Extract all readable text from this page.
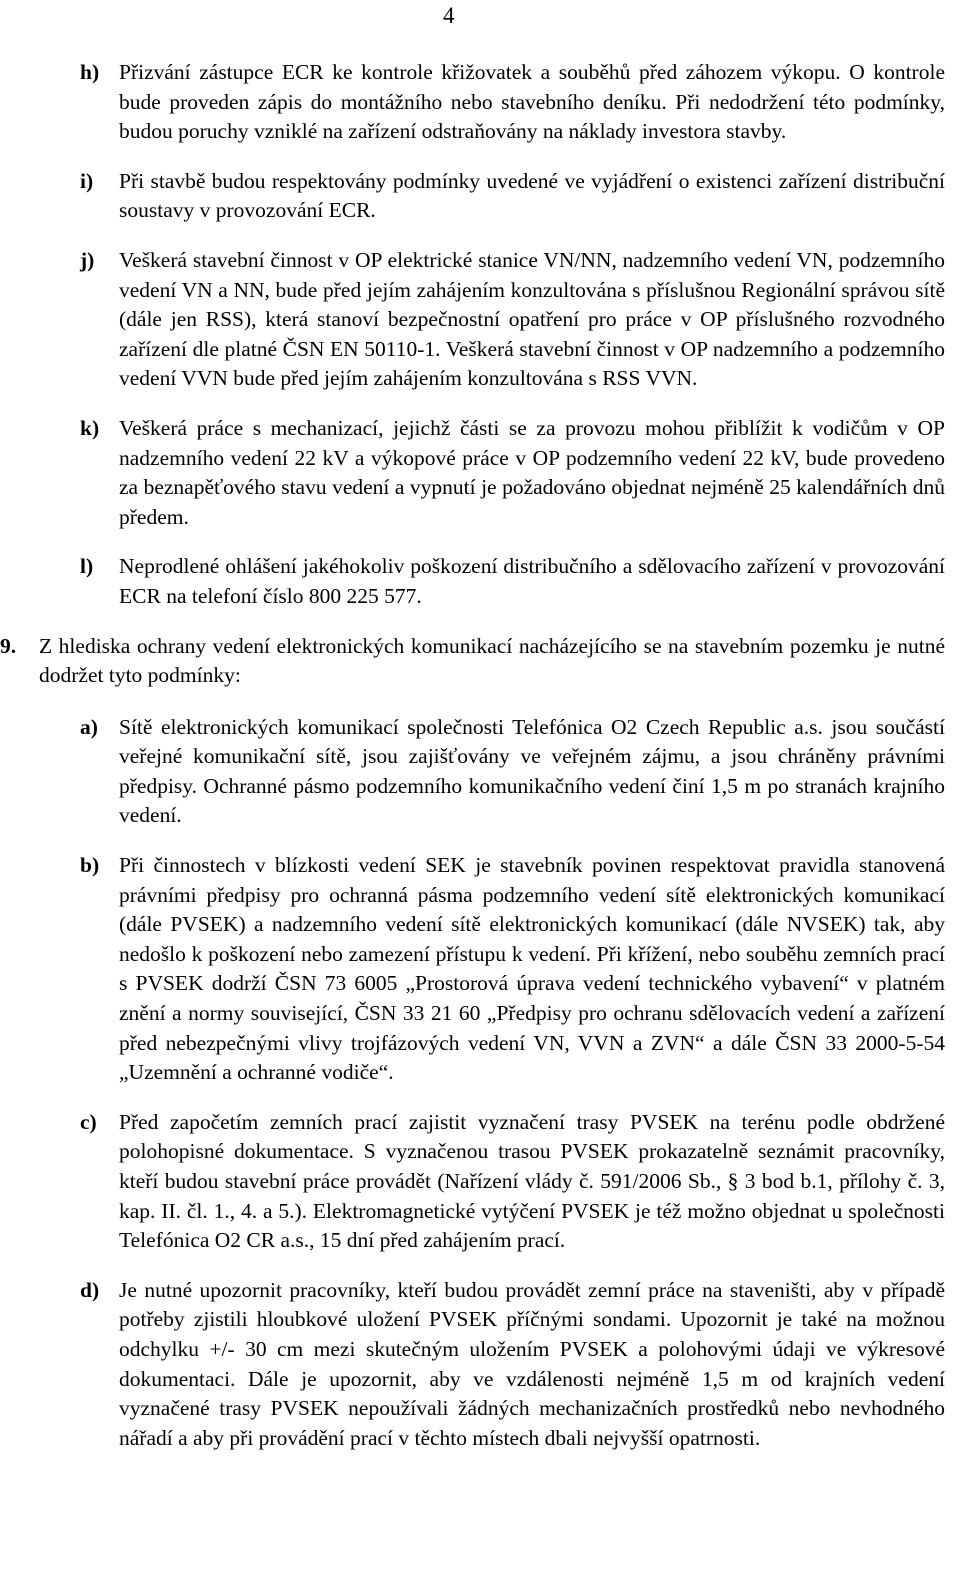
4
h) Přizvání zástupce ECR ke kontrole křižovatek a souběhů před záhozem výkopu. O kontrole bude proveden zápis do montážního nebo stavebního deníku. Při nedodržení této podmínky, budou poruchy vzniklé na zařízení odstraňovány na náklady investora stavby.

i) Při stavbě budou respektovány podmínky uvedené ve vyjádření o existenci zařízení distribuční soustavy v provozování ECR.

j) Veškerá stavební činnost v OP elektrické stanice VN/NN, nadzemního vedení VN, podzemního vedení VN a NN, bude před jejím zahájením konzultována s příslušnou Regionální správou sítě (dále jen RSS), která stanoví bezpečnostní opatření pro práce v OP příslušného rozvodného zařízení dle platné ČSN EN 50110-1. Veškerá stavební činnost v OP nadzemního a podzemního vedení VVN bude před jejím zahájením konzultována s RSS VVN.

k) Veškerá práce s mechanizací, jejichž části se za provozu mohou přiblížit k vodičům v OP nadzemního vedení 22 kV a výkopové práce v OP podzemního vedení 22 kV, bude provedeno za beznapěťového stavu vedení a vypnutí je požadováno objednat nejméně 25 kalendářních dnů předem.

l) Neprodlené ohlášení jakéhokoliv poškození distribučního a sdělovacího zařízení v provozování ECR na telefoní číslo 800 225 577.

9. Z hlediska ochrany vedení elektronických komunikací nacházejícího se na stavebním pozemku je nutné dodržet tyto podmínky:

a) Sítě elektronických komunikací společnosti Telefónica O2 Czech Republic a.s. jsou součástí veřejné komunikační sítě, jsou zajišťovány ve veřejném zájmu, a jsou chráněny právními předpisy. Ochranné pásmo podzemního komunikačního vedení činí 1,5 m po stranách krajního vedení.

b) Při činnostech v blízkosti vedení SEK je stavebník povinen respektovat pravidla stanovená právními předpisy pro ochranná pásma podzemního vedení sítě elektronických komunikací (dále PVSEK) a nadzemního vedení sítě elektronických komunikací (dále NVSEK) tak, aby nedošlo k poškození nebo zamezení přístupu k vedení. Při křížení, nebo souběhu zemních prací s PVSEK dodrží ČSN 73 6005 „Prostorová úprava vedení technického vybavení“ v platném znění a normy související, ČSN 33 21 60 „Předpisy pro ochranu sdělovacích vedení a zařízení před nebezpečnými vlivy trojfázových vedení VN, VVN a ZVN“ a dále ČSN 33 2000-5-54 „Uzemnění a ochranné vodiče“.

c) Před započetím zemních prací zajistit vyznačení trasy PVSEK na terénu podle obdržené polohopisné dokumentace. S vyznačenou trasou PVSEK prokazatelně seznámit pracovníky, kteří budou stavební práce provádět (Nařízení vlády č. 591/2006 Sb., § 3 bod b.1, přílohy č. 3, kap. II. čl. 1., 4. a 5.). Elektromagnetické vytýčení PVSEK je též možno objednat u společnosti Telefónica O2 CR a.s., 15 dní před zahájením prací.

d) Je nutné upozornit pracovníky, kteří budou provádět zemní práce na staveništi, aby v případě potřeby zjistili hloubkové uložení PVSEK příčnými sondami. Upozornit je také na možnou odchylku +/- 30 cm mezi skutečným uložením PVSEK a polohovými údaji ve výkresové dokumentaci. Dále je upozornit, aby ve vzdálenosti nejméně 1,5 m od krajních vedení vyznačené trasy PVSEK nepoužívali žádných mechanizačních prostředků nebo nevhodného nářadí a aby při provádění prací v těchto místech dbali nejvyšší opatrnosti.
